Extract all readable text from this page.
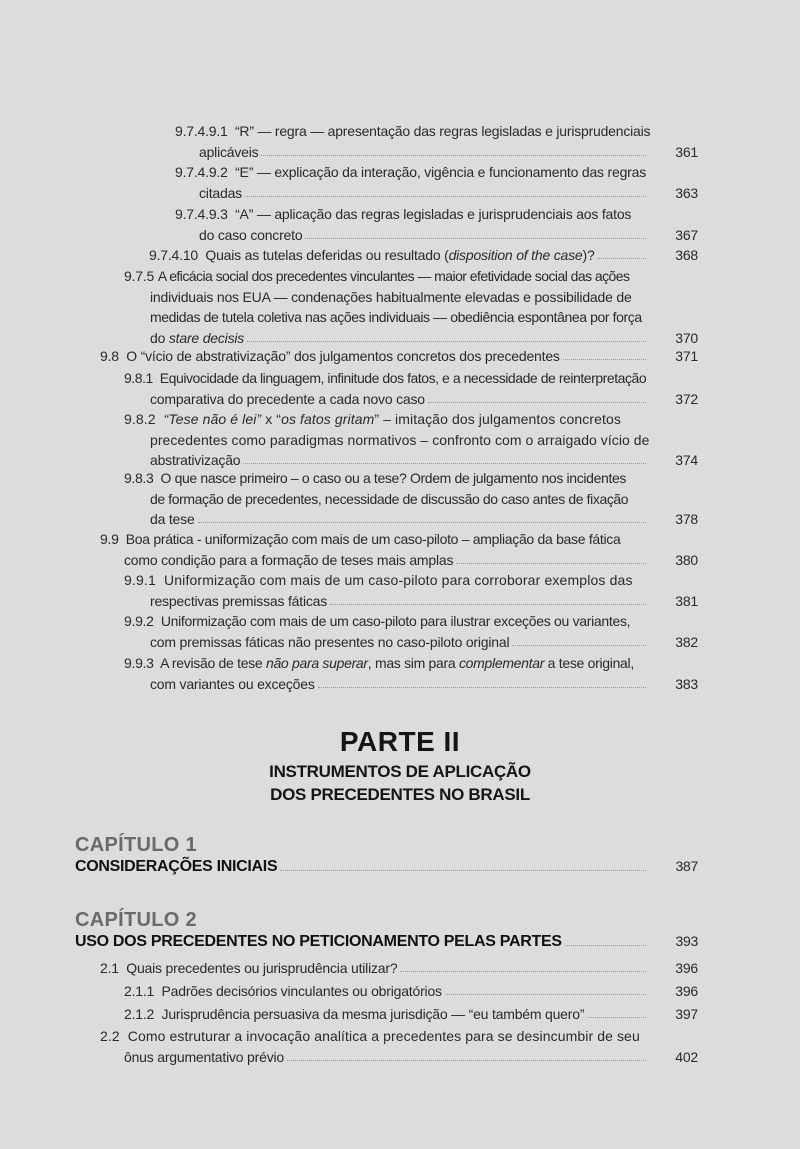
9.7.4.9.1 “R” — regra — apresentação das regras legisladas e jurisprudenciais
aplicáveis	361
9.7.4.9.2 “E” — explicação da interação, vigência e funcionamento das regras
citadas	363
9.7.4.9.3 “A” — aplicação das regras legisladas e jurisprudenciais aos fatos
do caso concreto	367
9.7.4.10 Quais as tutelas deferidas ou resultado (disposition of the case)?	368
9.7.5 A eficácia social dos precedentes vinculantes — maior efetividade social das ações
individuais nos EUA — condenações habitualmente elevadas e possibilidade de
medidas de tutela coletiva nas ações individuais — obediência espontânea por força
do stare decisis	370
9.8 O “vício de abstrativização” dos julgamentos concretos dos precedentes	371
9.8.1 Equivocidade da linguagem, infinitude dos fatos, e a necessidade de reinterpretação
comparativa do precedente a cada novo caso	372
9.8.2 “Tese não é lei” x “os fatos gritam” – imitação dos julgamentos concretos
precedentes como paradigmas normativos – confronto com o arraigado vício de
abstrativização	374
9.8.3 O que nasce primeiro – o caso ou a tese? Ordem de julgamento nos incidentes
de formação de precedentes, necessidade de discussão do caso antes de fixação
da tese	378
9.9 Boa prática - uniformização com mais de um caso-piloto – ampliação da base fática
como condição para a formação de teses mais amplas	380
9.9.1 Uniformização com mais de um caso-piloto para corroborar exemplos das
respectivas premissas fáticas	381
9.9.2 Uniformização com mais de um caso-piloto para ilustrar exceções ou variantes,
com premissas fáticas não presentes no caso-piloto original	382
9.9.3 A revisão de tese não para superar, mas sim para complementar a tese original,
com variantes ou exceções	383
PARTE II
INSTRUMENTOS DE APLICAÇÃO
DOS PRECEDENTES NO BRASIL
CAPÍTULO 1
CONSIDERAÇÕES INICIAIS	387
CAPÍTULO 2
USO DOS PRECEDENTES NO PETICIONAMENTO PELAS PARTES	393
2.1 Quais precedentes ou jurisprudência utilizar?	396
2.1.1 Padrões decisórios vinculantes ou obrigatórios	396
2.1.2 Jurisprudência persuasiva da mesma jurisdição — “eu também quero”	397
2.2 Como estruturar a invocação analítica a precedentes para se desincumbir de seu
ônus argumentativo prévio	402
